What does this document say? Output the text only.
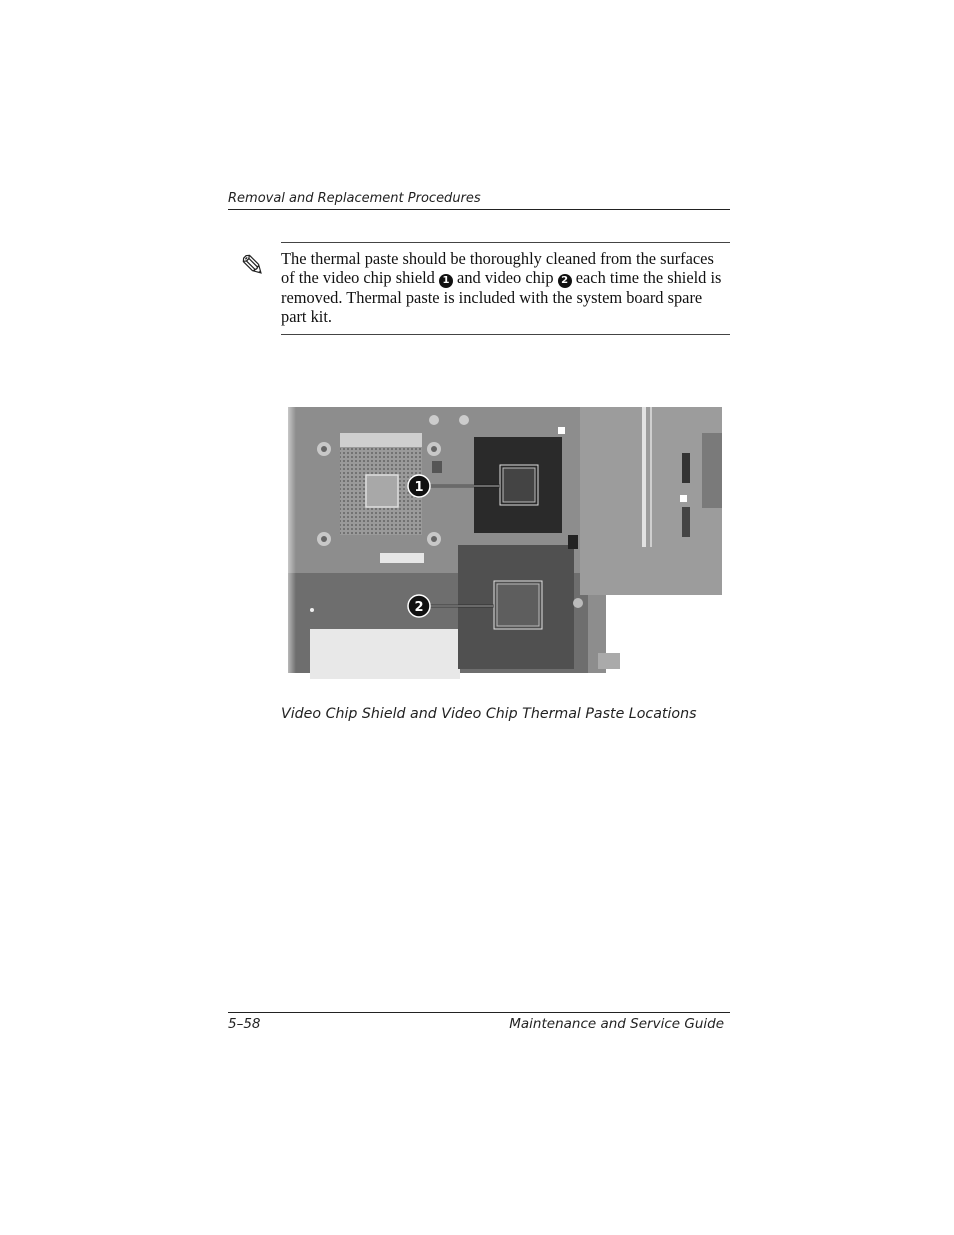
Removal and Replacement Procedures
✎ The thermal paste should be thoroughly cleaned from the surfaces of the video chip shield 1 and video chip 2 each time the shield is removed. Thermal paste is included with the system board spare part kit.
1
2
Video Chip Shield and Video Chip Thermal Paste Locations
5–58	Maintenance and Service Guide
